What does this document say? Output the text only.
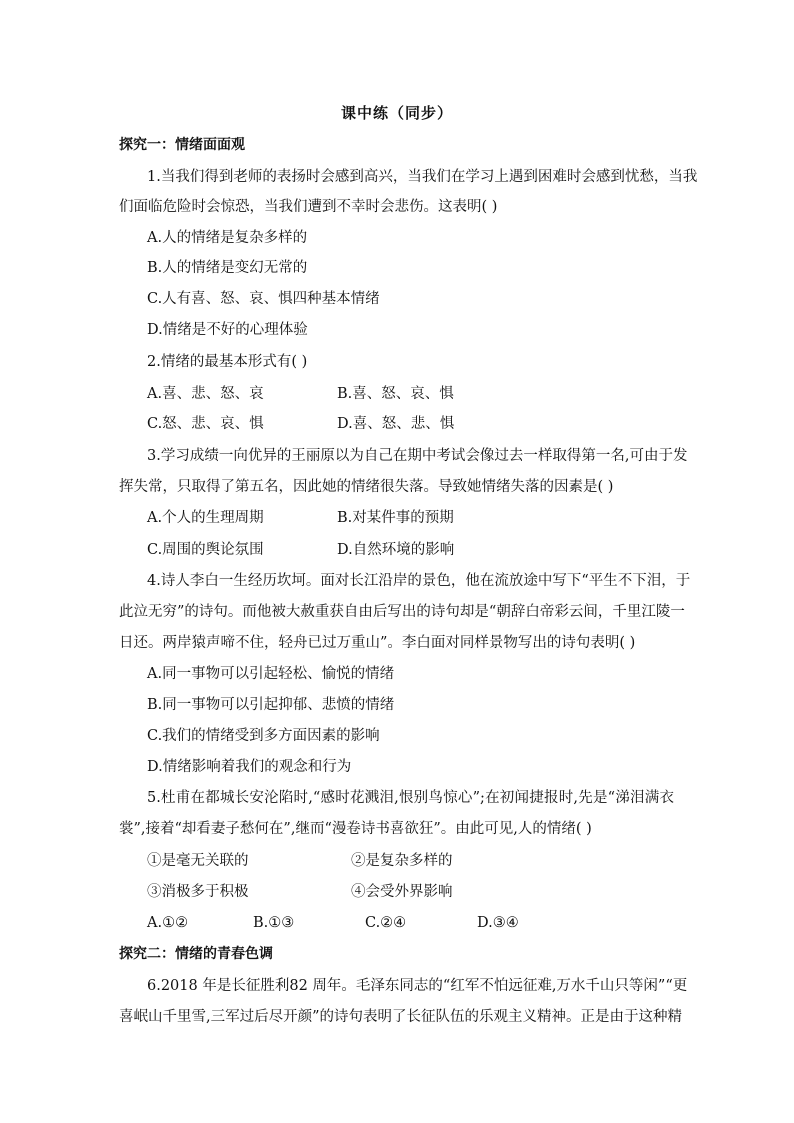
课中练（同步）
探究一：情绪面面观
1.当我们得到老师的表扬时会感到高兴，当我们在学习上遇到困难时会感到忧愁，当我
们面临危险时会惊恐，当我们遭到不幸时会悲伤。这表明( )
A.人的情绪是复杂多样的
B.人的情绪是变幻无常的
C.人有喜、怒、哀、惧四种基本情绪
D.情绪是不好的心理体验
2.情绪的最基本形式有( )
A.喜、悲、怒、哀	B.喜、怒、哀、惧
C.怒、悲、哀、惧	D.喜、怒、悲、惧
3.学习成绩一向优异的王丽原以为自己在期中考试会像过去一样取得第一名,可由于发
挥失常，只取得了第五名，因此她的情绪很失落。导致她情绪失落的因素是( )
A.个人的生理周期	B.对某件事的预期
C.周围的舆论氛围	D.自然环境的影响
4.诗人李白一生经历坎坷。面对长江沿岸的景色，他在流放途中写下“平生不下泪，于
此泣无穷”的诗句。而他被大赦重获自由后写出的诗句却是“朝辞白帝彩云间，千里江陵一
日还。两岸猿声啼不住，轻舟已过万重山”。李白面对同样景物写出的诗句表明( )
A.同一事物可以引起轻松、愉悦的情绪
B.同一事物可以引起抑郁、悲愤的情绪
C.我们的情绪受到多方面因素的影响
D.情绪影响着我们的观念和行为
5.杜甫在都城长安沦陷时,“感时花溅泪,恨别鸟惊心”;在初闻捷报时,先是“涕泪满衣
裳”,接着“却看妻子愁何在”,继而“漫卷诗书喜欲狂”。由此可见,人的情绪( )
①是毫无关联的	②是复杂多样的
③消极多于积极	④会受外界影响
A.①②	B.①③	C.②④	D.③④
探究二：情绪的青春色调
6.2018 年是长征胜利82 周年。毛泽东同志的“红军不怕远征难,万水千山只等闲”“更
喜岷山千里雪,三军过后尽开颜”的诗句表明了长征队伍的乐观主义精神。正是由于这种精
